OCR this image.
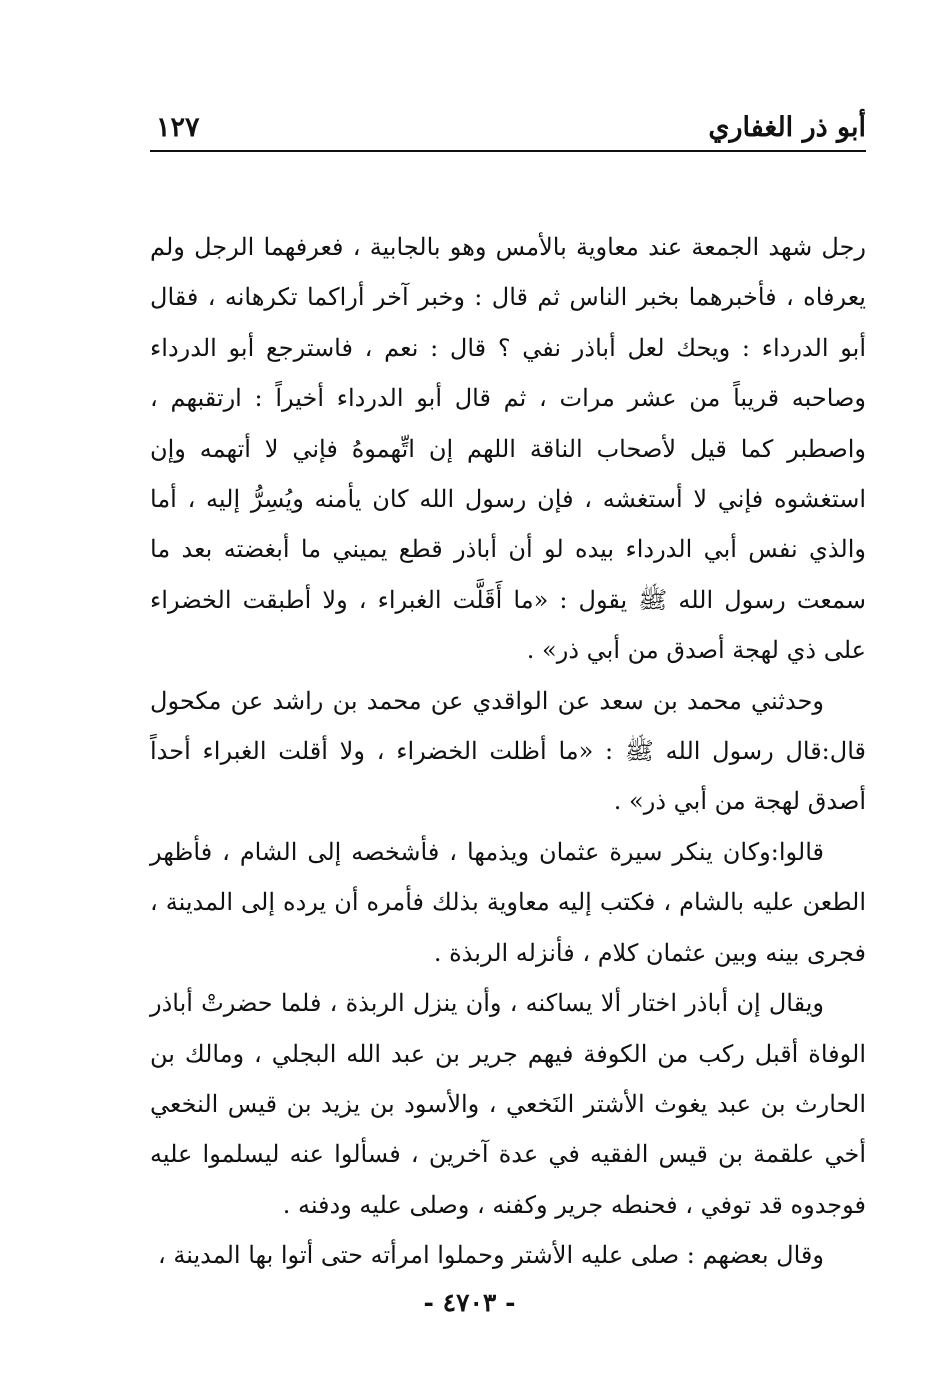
أبو ذر الغفاري
١٢٧

رجل شهد الجمعة عند معاوية بالأمس وهو بالجابية ، فعرفهما الرجل ولم يعرفاه ، فأخبرهما بخبر الناس ثم قال : وخبر آخر أراكما تكرهانه ، فقال أبو الدرداء : ويحك لعل أباذر نفي ؟ قال : نعم ، فاسترجع أبو الدرداء وصاحبه قريباً من عشر مرات ، ثم قال أبو الدرداء أخيراً : ارتقبهم ، واصطبر كما قيل لأصحاب الناقة اللهم إن اتِّهموهُ فإني لا أتهمه وإن استغشوه فإني لا أستغشه ، فإن رسول الله كان يأمنه ويُسِرُّ إليه ، أما والذي نفس أبي الدرداء بيده لو أن أباذر قطع يميني ما أبغضته بعد ما سمعت رسول الله ﷺ يقول : «ما أَقَلَّت الغبراء ، ولا أطبقت الخضراء على ذي لهجة أصدق من أبي ذر» .

وحدثني محمد بن سعد عن الواقدي عن محمد بن راشد عن مكحول قال:قال رسول الله ﷺ : «ما أظلت الخضراء ، ولا أقلت الغبراء أحداً أصدق لهجة من أبي ذر» .

قالوا:وكان ينكر سيرة عثمان ويذمها ، فأشخصه إلى الشام ، فأظهر الطعن عليه بالشام ، فكتب إليه معاوية بذلك فأمره أن يرده إلى المدينة ، فجرى بينه وبين عثمان كلام ، فأنزله الربذة .

ويقال إن أباذر اختار ألا يساكنه ، وأن ينزل الربذة ، فلما حضرتْ أباذر الوفاة أقبل ركب من الكوفة فيهم جرير بن عبد الله البجلي ، ومالك بن الحارث بن عبد يغوث الأشتر النَخعي ، والأسود بن يزيد بن قيس النخعي أخي علقمة بن قيس الفقيه في عدة آخرين ، فسألوا عنه ليسلموا عليه فوجدوه قد توفي ، فحنطه جرير وكفنه ، وصلى عليه ودفنه .

وقال بعضهم : صلى عليه الأشتر وحملوا امرأته حتى أتوا بها المدينة ،

- ٤٧٠٣ -
